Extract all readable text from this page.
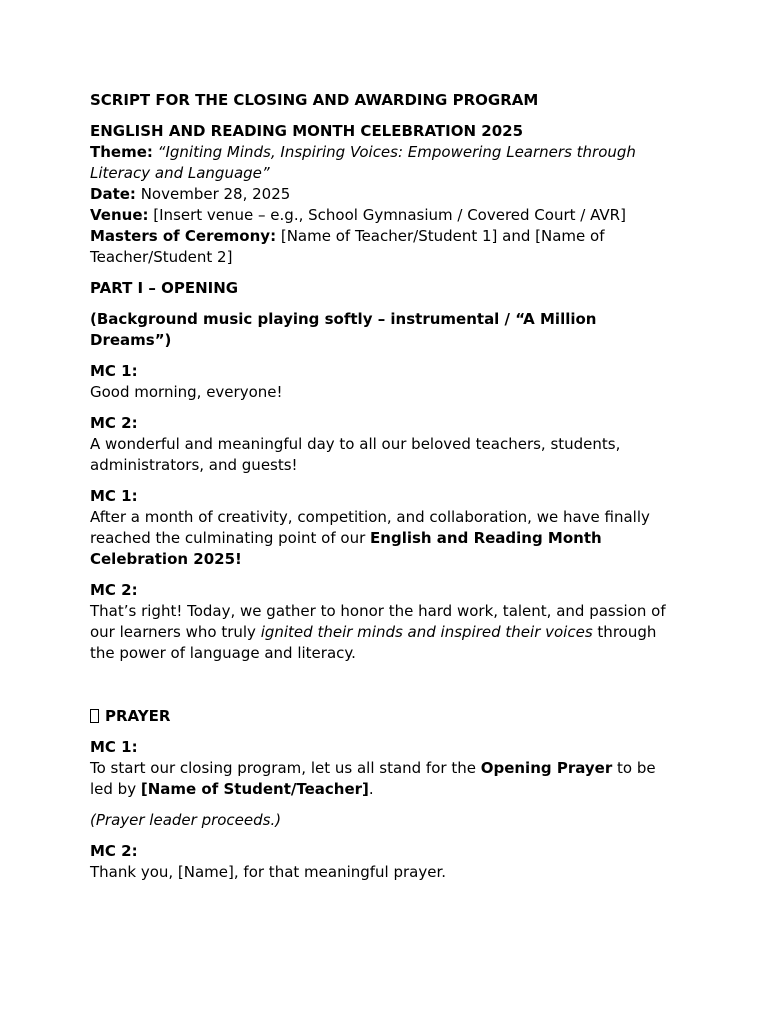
SCRIPT FOR THE CLOSING AND AWARDING PROGRAM

ENGLISH AND READING MONTH CELEBRATION 2025

Theme: “Igniting Minds, Inspiring Voices: Empowering Learners through Literacy and Language”

Date: November 28, 2025

Venue: [Insert venue – e.g., School Gymnasium / Covered Court / AVR]

Masters of Ceremony: [Name of Teacher/Student 1] and [Name of Teacher/Student 2]

PART I – OPENING

(Background music playing softly – instrumental / “A Million Dreams”)

MC 1:

Good morning, everyone!

MC 2:

A wonderful and meaningful day to all our beloved teachers, students, administrators, and guests!

MC 1:

After a month of creativity, competition, and collaboration, we have finally reached the culminating point of our English and Reading Month Celebration 2025!

MC 2:

That’s right! Today, we gather to honor the hard work, talent, and passion of our learners who truly ignited their minds and inspired their voices through the power of language and literacy.

PRAYER

MC 1:

To start our closing program, let us all stand for the Opening Prayer to be led by [Name of Student/Teacher].

(Prayer leader proceeds.)

MC 2:

Thank you, [Name], for that meaningful prayer.
